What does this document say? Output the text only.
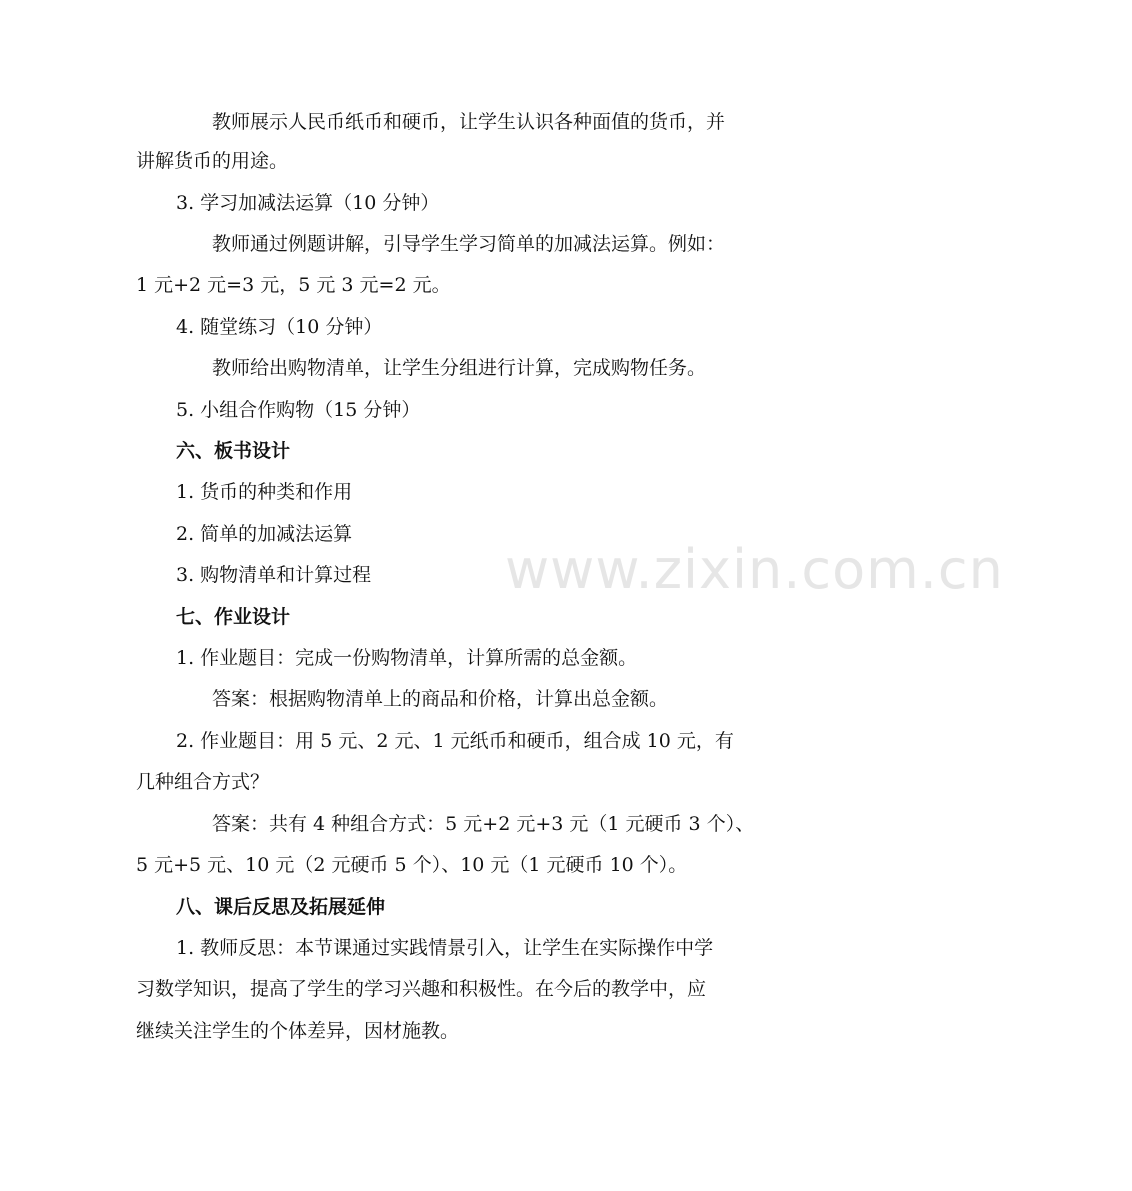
www.zixin.com.cn
教师展示人民币纸币和硬币，让学生认识各种面值的货币，并
讲解货币的用途。
3. 学习加减法运算（10 分钟）
教师通过例题讲解，引导学生学习简单的加减法运算。例如：
1 元+2 元=3 元，5 元 3 元=2 元。
4. 随堂练习（10 分钟）
教师给出购物清单，让学生分组进行计算，完成购物任务。
5. 小组合作购物（15 分钟）
六、板书设计
1. 货币的种类和作用
2. 简单的加减法运算
3. 购物清单和计算过程
七、作业设计
1. 作业题目：完成一份购物清单，计算所需的总金额。
答案：根据购物清单上的商品和价格，计算出总金额。
2. 作业题目：用 5 元、2 元、1 元纸币和硬币，组合成 10 元，有
几种组合方式？
答案：共有 4 种组合方式：5 元+2 元+3 元（1 元硬币 3 个）、
5 元+5 元、10 元（2 元硬币 5 个）、10 元（1 元硬币 10 个）。
八、课后反思及拓展延伸
1. 教师反思：本节课通过实践情景引入，让学生在实际操作中学
习数学知识，提高了学生的学习兴趣和积极性。在今后的教学中，应
继续关注学生的个体差异，因材施教。
